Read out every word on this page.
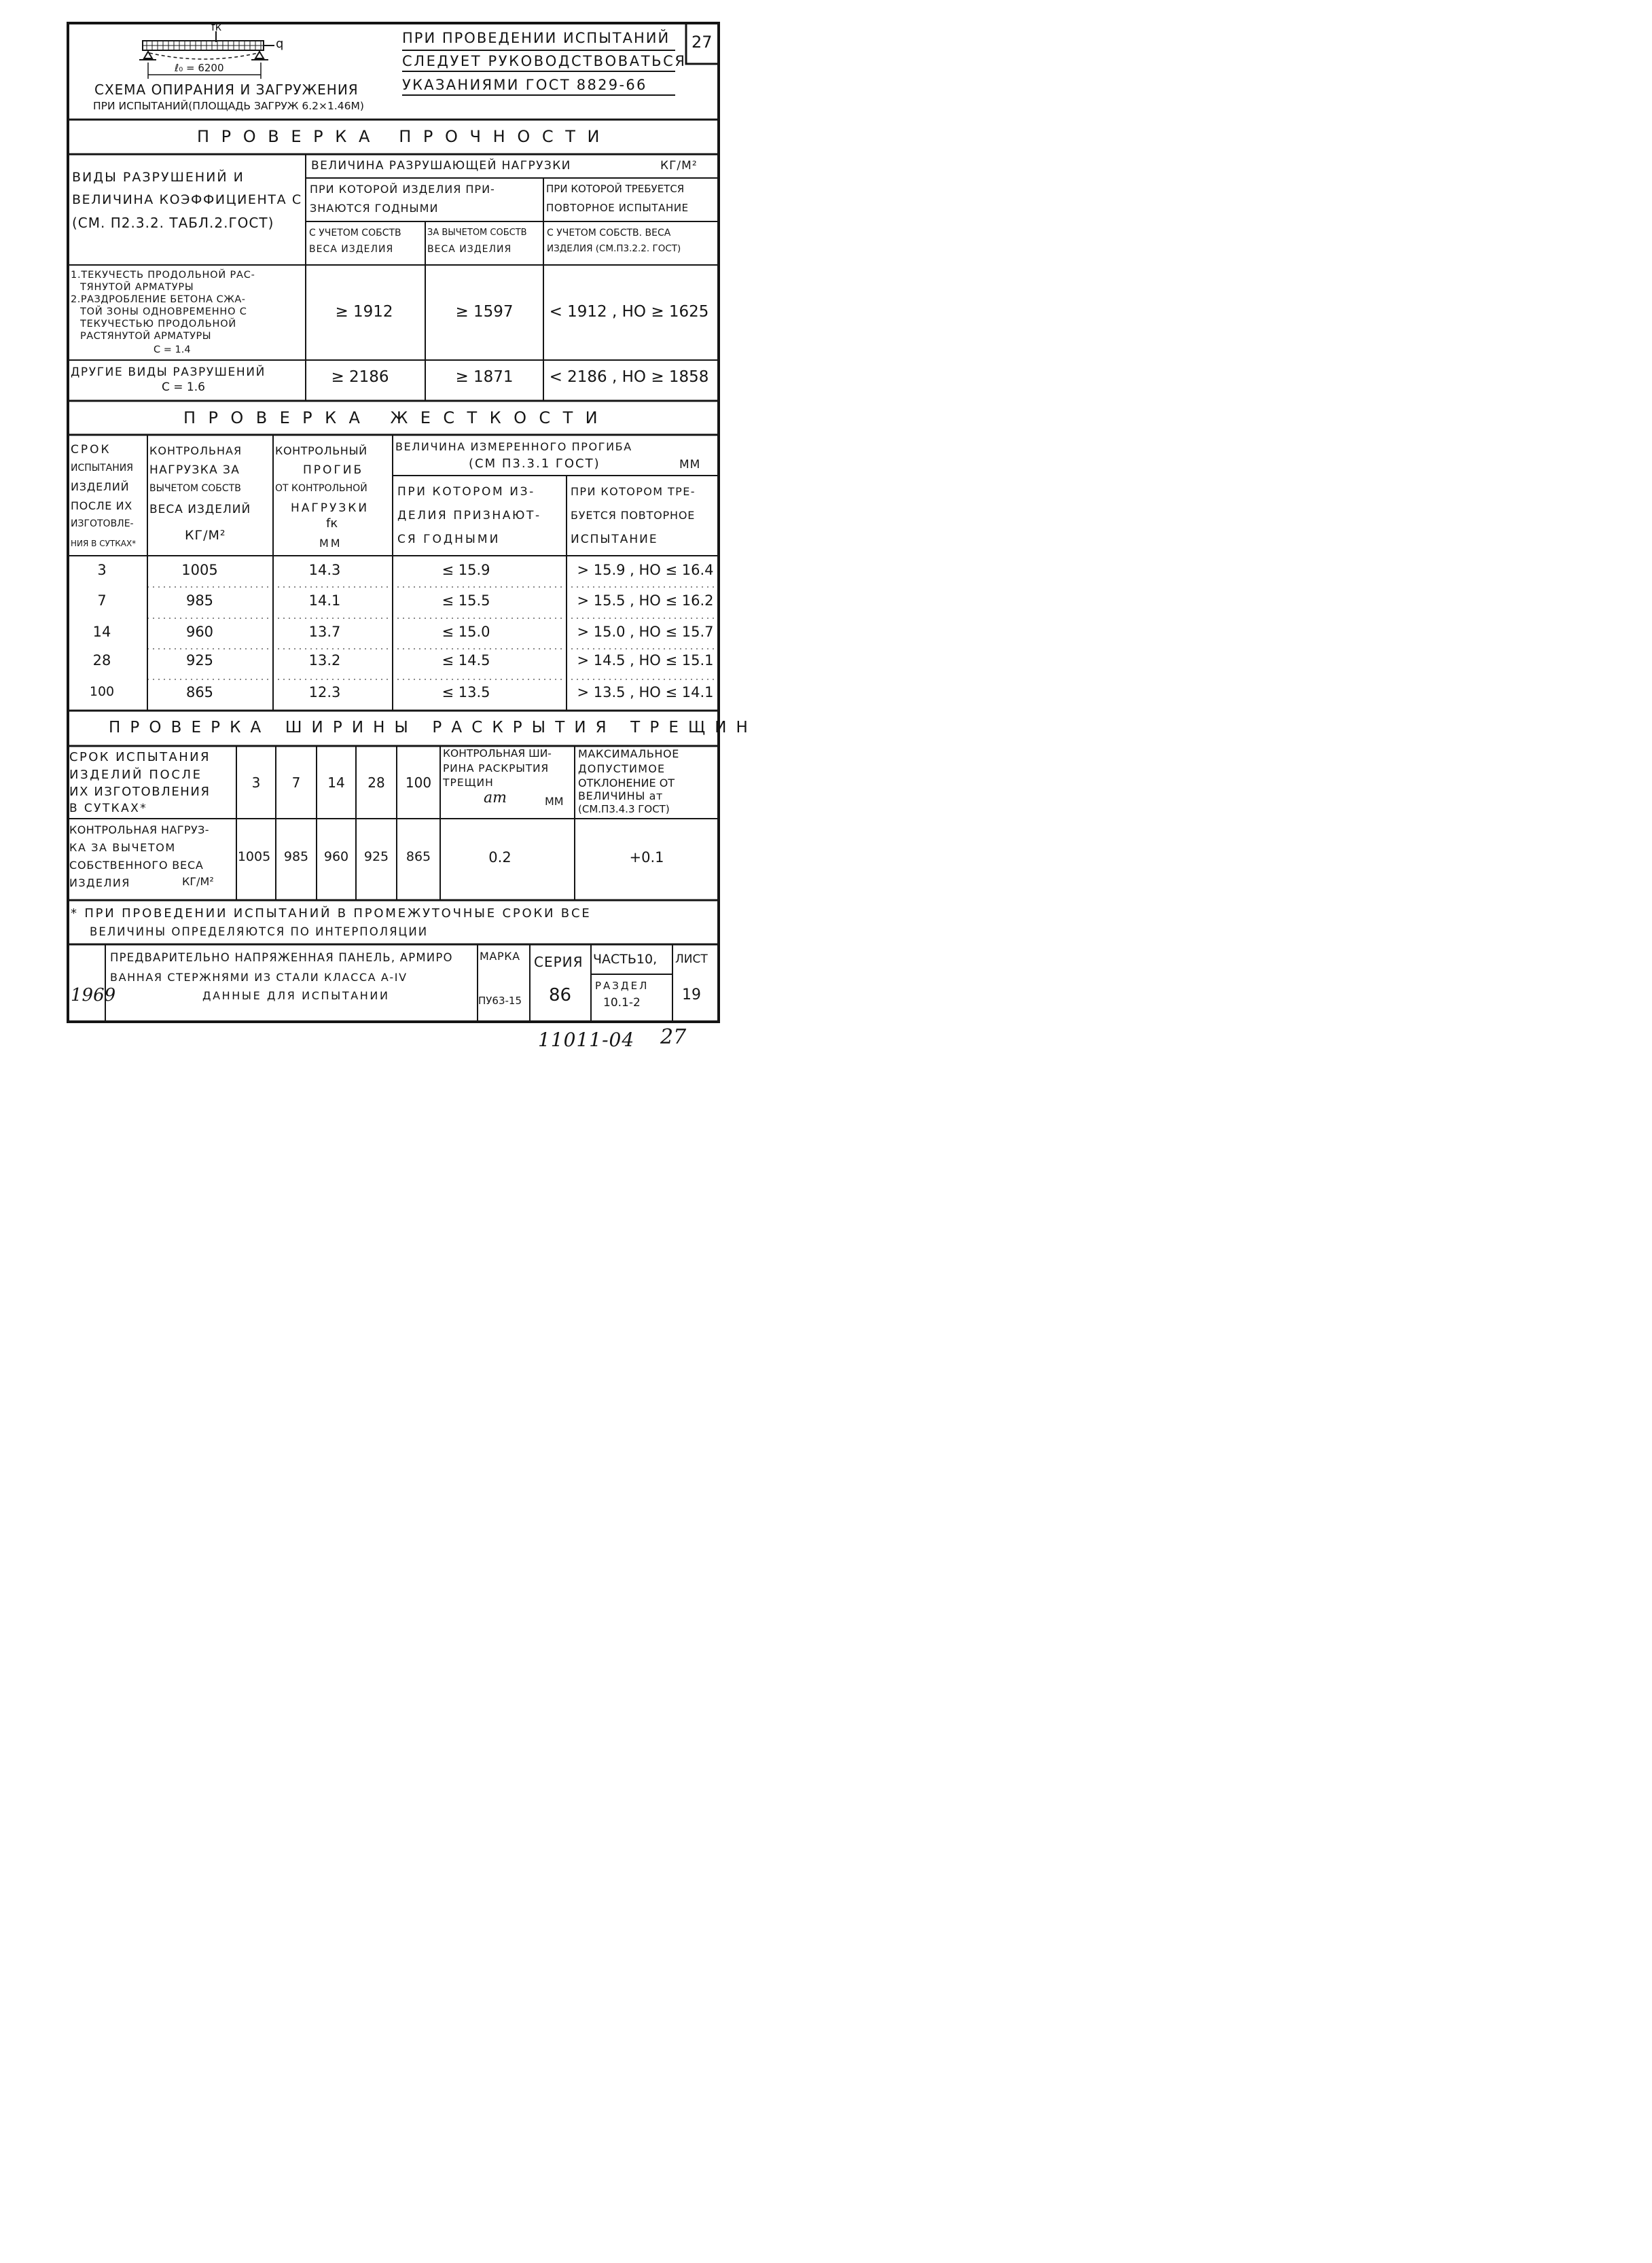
27
ПРИ ПРОВЕДЕНИИ ИСПЫТАНИЙ
СЛЕДУЕТ РУКОВОДСТВОВАТЬСЯ
УКАЗАНИЯМИ ГОСТ 8829-66
fк
q
ℓ₀ = 6200
СХЕМА ОПИРАНИЯ И ЗАГРУЖЕНИЯ
ПРИ ИСПЫТАНИЙ(ПЛОЩАДЬ ЗАГРУЖ 6.2×1.46М)
П Р О В Е Р К А   П Р О Ч Н О С Т И
ВИДЫ РАЗРУШЕНИЙ И
ВЕЛИЧИНА КОЭФФИЦИЕНТА С
(СМ. П2.3.2. ТАБЛ.2.ГОСТ)
ВЕЛИЧИНА РАЗРУШАЮЩЕЙ НАГРУЗКИ	КГ/М²
ПРИ КОТОРОЙ ИЗДЕЛИЯ ПРИ-
ЗНАЮТСЯ ГОДНЫМИ
ПРИ КОТОРОЙ ТРЕБУЕТСЯ
ПОВТОРНОЕ ИСПЫТАНИЕ
С УЧЕТОМ СОБСТВ
ВЕСА ИЗДЕЛИЯ
ЗА ВЫЧЕТОМ СОБСТВ
ВЕСА ИЗДЕЛИЯ
С УЧЕТОМ СОБСТВ. ВЕСА
ИЗДЕЛИЯ (СМ.П3.2.2. ГОСТ)
1.ТЕКУЧЕСТЬ ПРОДОЛЬНОЙ РАС-
ТЯНУТОЙ АРМАТУРЫ
2.РАЗДРОБЛЕНИЕ БЕТОНА СЖА-
ТОЙ ЗОНЫ ОДНОВРЕМЕННО С
ТЕКУЧЕСТЬЮ ПРОДОЛЬНОЙ
РАСТЯНУТОЙ АРМАТУРЫ
С = 1.4
≥ 1912	≥ 1597 < 1912 , НО ≥ 1625
ДРУГИЕ ВИДЫ РАЗРУШЕНИЙ
С = 1.6
≥ 2186	≥ 1871 < 2186 , НО ≥ 1858
П Р О В Е Р К А   Ж Е С Т К О С Т И
СРОК
ИСПЫТАНИЯ
ИЗДЕЛИЙ
ПОСЛЕ ИХ
ИЗГОТОВЛЕ-
НИЯ В СУТКАХ*
КОНТРОЛЬНАЯ
НАГРУЗКА ЗА
ВЫЧЕТОМ СОБСТВ
ВЕСА ИЗДЕЛИЙ
КГ/М²
КОНТРОЛЬНЫЙ
ПРОГИБ
ОТ КОНТРОЛЬНОЙ
НАГРУЗКИ
fк
ММ
ВЕЛИЧИНА ИЗМЕРЕННОГО ПРОГИБА
(СМ П3.3.1 ГОСТ)	ММ
ПРИ КОТОРОМ ИЗ-
ДЕЛИЯ ПРИЗНАЮТ-
СЯ ГОДНЫМИ
ПРИ КОТОРОМ ТРЕ-
БУЕТСЯ ПОВТОРНОЕ
ИСПЫТАНИЕ
3	1005	14.3	≤ 15.9	> 15.9 , НО ≤ 16.4
7	985	14.1	≤ 15.5	> 15.5 , НО ≤ 16.2
14	960	13.7	≤ 15.0	> 15.0 , НО ≤ 15.7
28	925	13.2	≤ 14.5	> 14.5 , НО ≤ 15.1
100	865	12.3	≤ 13.5	> 13.5 , НО ≤ 14.1
П Р О В Е Р К А   Ш И Р И Н Ы   Р А С К Р Ы Т И Я   Т Р Е Щ И Н
СРОК ИСПЫТАНИЯ
ИЗДЕЛИЙ ПОСЛЕ
ИХ ИЗГОТОВЛЕНИЯ
В СУТКАХ*
3 7 14 28 100
КОНТРОЛЬНАЯ ШИ-
РИНА РАСКРЫТИЯ
ТРЕЩИН
aт	ММ
МАКСИМАЛЬНОЕ
ДОПУСТИМОЕ
ОТКЛОНЕНИЕ ОТ
ВЕЛИЧИНЫ aт
(СМ.П3.4.3 ГОСТ)
КОНТРОЛЬНАЯ НАГРУЗ-
КА ЗА ВЫЧЕТОМ
СОБСТВЕННОГО ВЕСА
ИЗДЕЛИЯ	КГ/М²
1005 985 960 925 865	0.2	+0.1
* ПРИ ПРОВЕДЕНИИ ИСПЫТАНИЙ В ПРОМЕЖУТОЧНЫЕ СРОКИ ВСЕ
ВЕЛИЧИНЫ ОПРЕДЕЛЯЮТСЯ ПО ИНТЕРПОЛЯЦИИ
1969
ПРЕДВАРИТЕЛЬНО НАПРЯЖЕННАЯ ПАНЕЛЬ, АРМИРО
ВАННАЯ СТЕРЖНЯМИ ИЗ СТАЛИ КЛАССА А-IV
ДАННЫЕ ДЛЯ ИСПЫТАНИИ
МАРКА
ПУ63-15
СЕРИЯ
86
ЧАСТЬ10,
РАЗДЕЛ
10.1-2
ЛИСТ
19
11011-04 27
